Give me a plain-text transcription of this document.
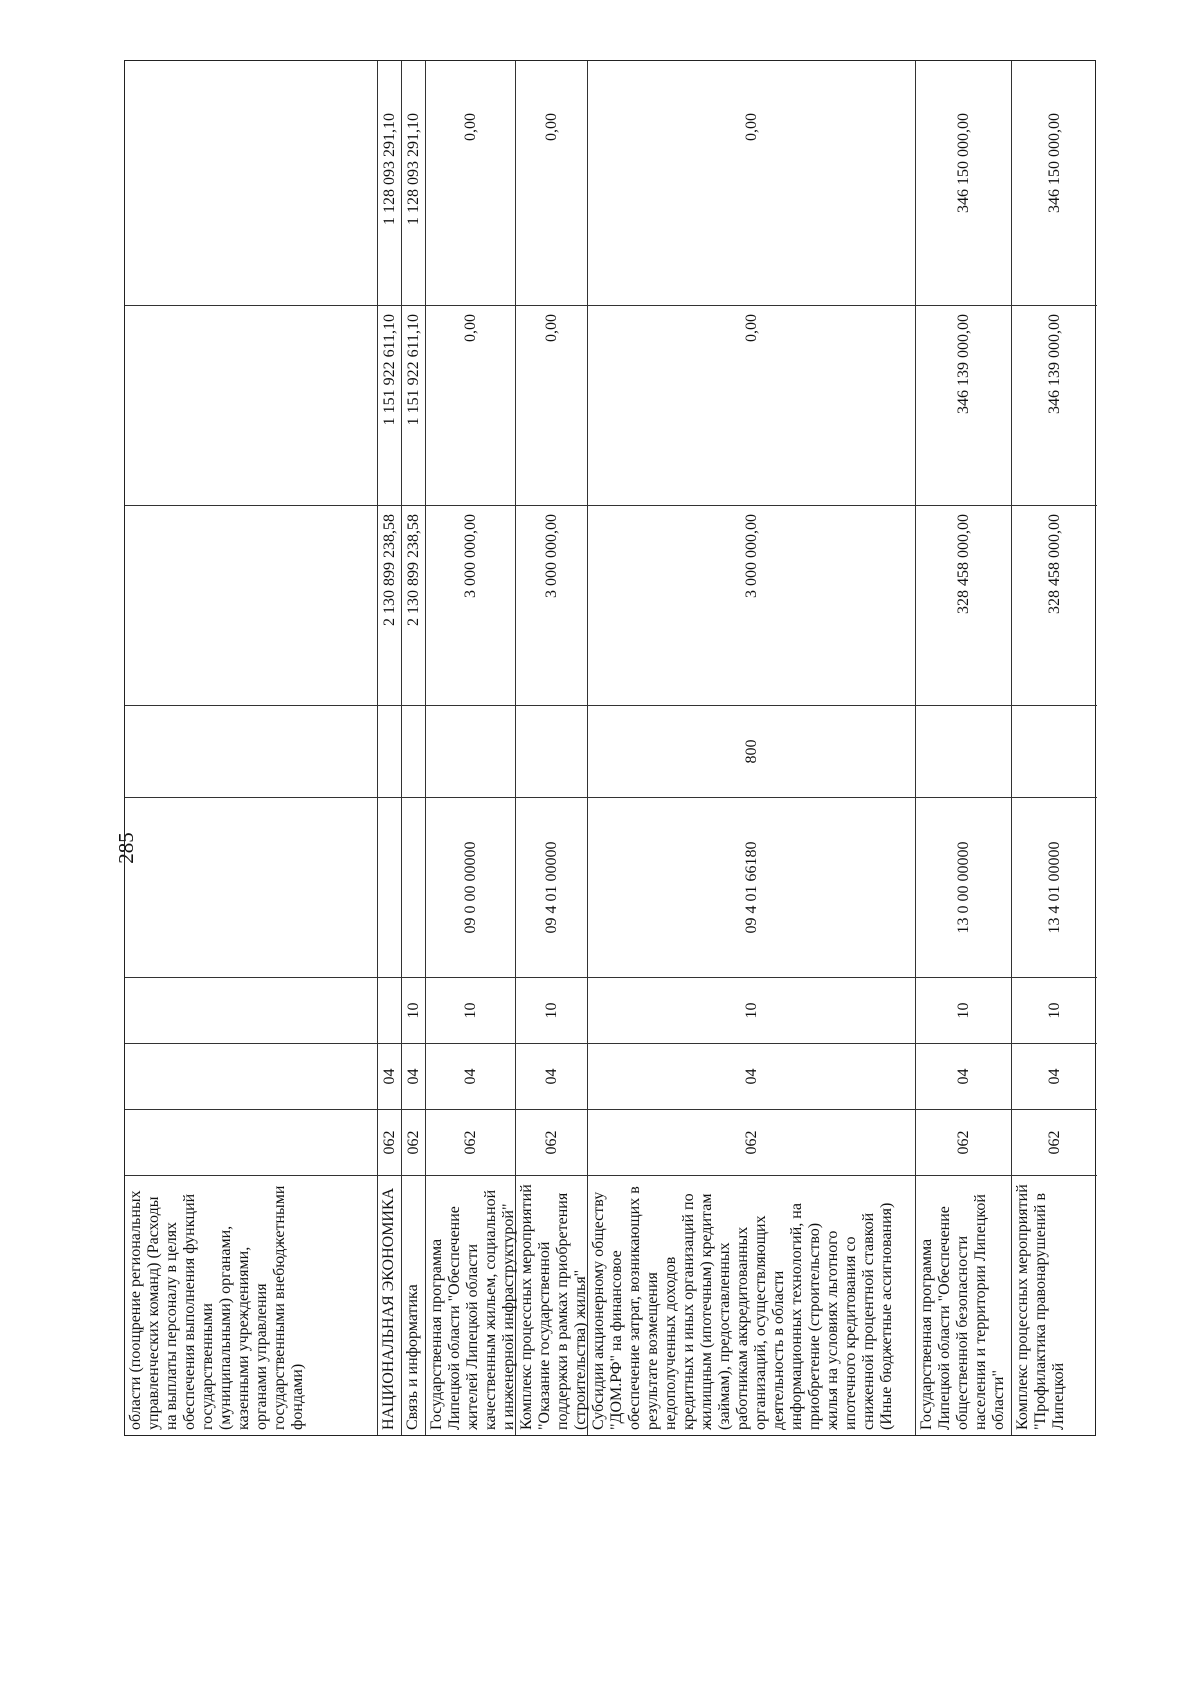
285
области (поощрение региональных управленческих команд) (Расходы на выплаты персоналу в целях обеспечения выполнения функций государственными (муниципальными) органами, казенными учреждениями, органами управления государственными внебюджетными фондами)	НАЦИОНАЛЬНАЯ ЭКОНОМИКА
062
04
2 130 899 238,58
1 151 922 611,10
1 128 093 291,10
Связь и информатика
062
04
10
2 130 899 238,58
1 151 922 611,10
1 128 093 291,10
Государственная программа Липецкой области "Обеспечение жителей Липецкой области качественным жильем, социальной и инженерной инфраструктурой"
062
04
10
09 0 00 00000
3 000 000,00
0,00
0,00
Комплекс процессных мероприятий "Оказание государственной поддержки в рамках приобретения (строительства) жилья"
062
04
10
09 4 01 00000
3 000 000,00
0,00
0,00
Субсидии акционерному обществу "ДОМ.РФ" на финансовое обеспечение затрат, возникающих в результате возмещения недополученных доходов кредитных и иных организаций по жилищным (ипотечным) кредитам (займам), предоставленных работникам аккредитованных организаций, осуществляющих деятельность в области информационных технологий, на приобретение (строительство) жилья на условиях льготного ипотечного кредитования со сниженной процентной ставкой (Иные бюджетные ассигнования)
062
04
10
09 4 01 66180
800
3 000 000,00
0,00
0,00
Государственная программа Липецкой области "Обеспечение общественной безопасности населения и территории Липецкой области"
062
04
10
13 0 00 00000
328 458 000,00
346 139 000,00
346 150 000,00
Комплекс процессных мероприятий "Профилактика правонарушений в Липецкой
062
04
10
13 4 01 00000
328 458 000,00
346 139 000,00
346 150 000,00
